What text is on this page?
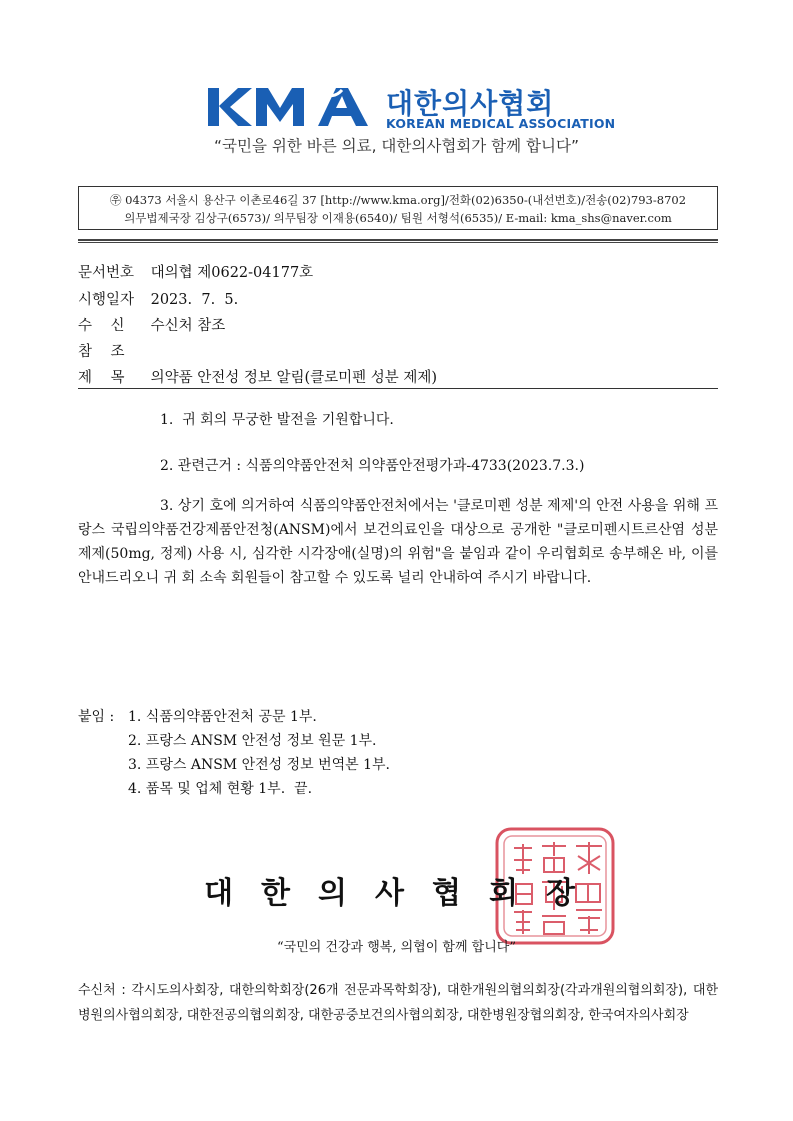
대한의사협회
KOREAN MEDICAL ASSOCIATION
“국민을 위한 바른 의료, 대한의사협회가 함께 합니다”
㉾ 04373 서울시 용산구 이촌로46길 37 [http://www.kma.org]/전화(02)6350-(내선번호)/전송(02)793-8702
의무법제국장 김상구(6573)/ 의무팀장 이재용(6540)/ 팀원 서형석(6535)/ E-mail: kma_shs@naver.com
문서번호 대의협 제0622-04177호
시행일자 2023.  7.  5.
수    신 수신처 참조
참    조
제    목 의약품 안전성 정보 알림(클로미펜 성분 제제)
1.  귀 회의 무궁한 발전을 기원합니다.
2. 관련근거 : 식품의약품안전처 의약품안전평가과-4733(2023.7.3.)
3. 상기 호에 의거하여 식품의약품안전처에서는 '클로미펜 성분 제제'의 안전 사용을 위해 프랑스 국립의약품건강제품안전청(ANSM)에서 보건의료인을 대상으로 공개한 "클로미펜시트르산염 성분 제제(50mg, 정제) 사용 시, 심각한 시각장애(실명)의 위험"을 붙임과 같이 우리협회로 송부해온 바, 이를 안내드리오니 귀 회 소속 회원들이 참고할 수 있도록 널리 안내하여 주시기 바랍니다.
붙임 : 1. 식품의약품안전처 공문 1부.
2. 프랑스 ANSM 안전성 정보 원문 1부.
3. 프랑스 ANSM 안전성 정보 번역본 1부.
4. 품목 및 업체 현황 1부.  끝.
대한의사협회장
“국민의 건강과 행복, 의협이 함께 합니다”
수신처 : 각시도의사회장, 대한의학회장(26개 전문과목학회장), 대한개원의협의회장(각과개원의협의회장), 대한병원의사협의회장, 대한전공의협의회장, 대한공중보건의사협의회장, 대한병원장협의회장, 한국여자의사회장
